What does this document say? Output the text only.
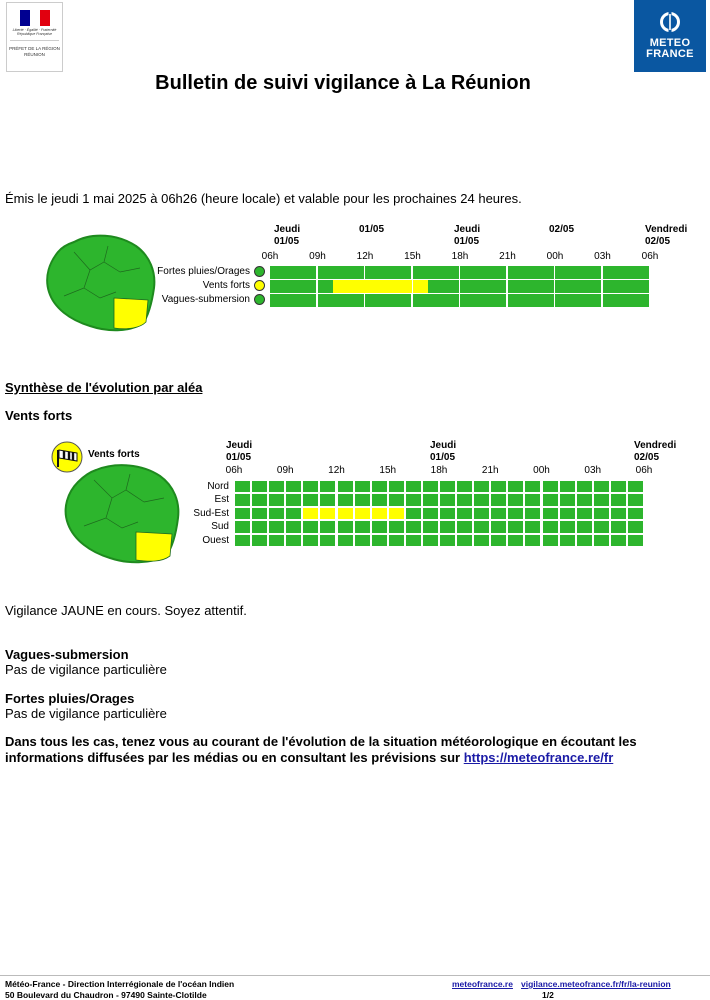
Liberté · Égalité · Fraternité
République Française
PRÉFET DE LA RÉGION RÉUNION
METEO
FRANCE
Bulletin de suivi vigilance à La Réunion
Émis le jeudi 1 mai 2025 à 06h26 (heure locale) et valable pour les prochaines 24 heures.
Jeudi
01/05
01/05	Jeudi
01/05
02/05	Vendredi
02/05
06h	09h	12h	15h	18h	21h	00h	03h	06h
Fortes pluies/Orages
Vents forts
Vagues-submersion
Synthèse de l'évolution par aléa
Vents forts
Vents forts
Jeudi
01/05
Jeudi
01/05
Vendredi
02/05
06h	09h	12h	15h	18h	21h	00h	03h	06h
Nord
Est
Sud-Est
Sud
Ouest
Vigilance JAUNE en cours. Soyez attentif.
Vagues-submersion
Pas de vigilance particulière
Fortes pluies/Orages
Pas de vigilance particulière
Dans tous les cas, tenez vous au courant de l'évolution de la situation météorologique en écoutant les informations diffusées par les médias ou en consultant les prévisions sur https://meteofrance.re/fr
Météo-France - Direction Interrégionale de l'océan Indien
50 Boulevard du Chaudron - 97490 Sainte-Clotilde
meteofrance.re vigilance.meteofrance.fr/fr/la-reunion
1/2
